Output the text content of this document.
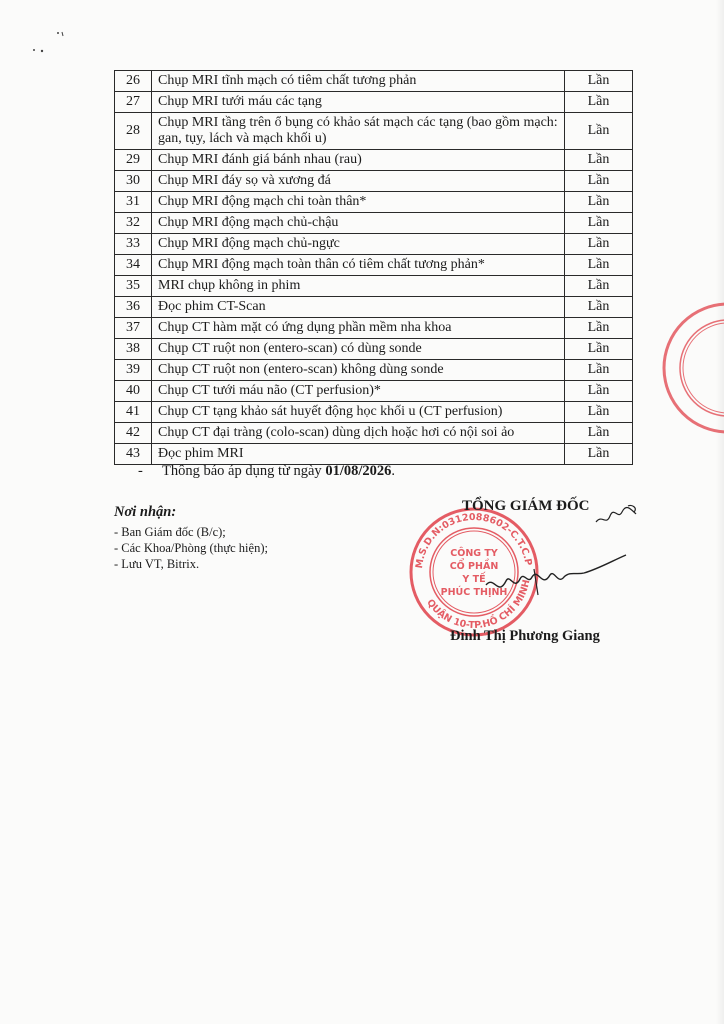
26	Chụp MRI tĩnh mạch có tiêm chất tương phản	Lần
27	Chụp MRI tưới máu các tạng	Lần
28	Chụp MRI tầng trên ổ bụng có khảo sát mạch các tạng (bao gồm mạch: gan, tụy, lách và mạch khối u)	Lần
29	Chụp MRI đánh giá bánh nhau (rau)	Lần
30	Chụp MRI đáy sọ và xương đá	Lần
31	Chụp MRI động mạch chi toàn thân*	Lần
32	Chụp MRI động mạch chủ-chậu	Lần
33	Chụp MRI động mạch chủ-ngực	Lần
34	Chụp MRI động mạch toàn thân có tiêm chất tương phản*	Lần
35	MRI chụp không in phim	Lần
36	Đọc phim CT-Scan	Lần
37	Chụp CT hàm mặt có ứng dụng phần mềm nha khoa	Lần
38	Chụp CT ruột non (entero-scan) có dùng sonde	Lần
39	Chụp CT ruột non (entero-scan) không dùng sonde	Lần
40	Chụp CT tưới máu não (CT perfusion)*	Lần
41	Chụp CT tạng khảo sát huyết động học khối u (CT perfusion)	Lần
42	Chụp CT đại tràng (colo-scan) dùng dịch hoặc hơi có nội soi ảo	Lần
43	Đọc phim MRI	Lần
- Thông báo áp dụng từ ngày 01/08/2026.
Nơi nhận:
- Ban Giám đốc (B/c);
- Các Khoa/Phòng (thực hiện);
- Lưu VT, Bitrix.	M.S.D.N:0312088602-C.T.C.P
QUẬN 10-TP.HỒ CHÍ MINH
CÔNG TY
CỔ PHẦN
Y TẾ
PHÚC THỊNH
TỔNG GIÁM ĐỐC
Đinh Thị Phương Giang
